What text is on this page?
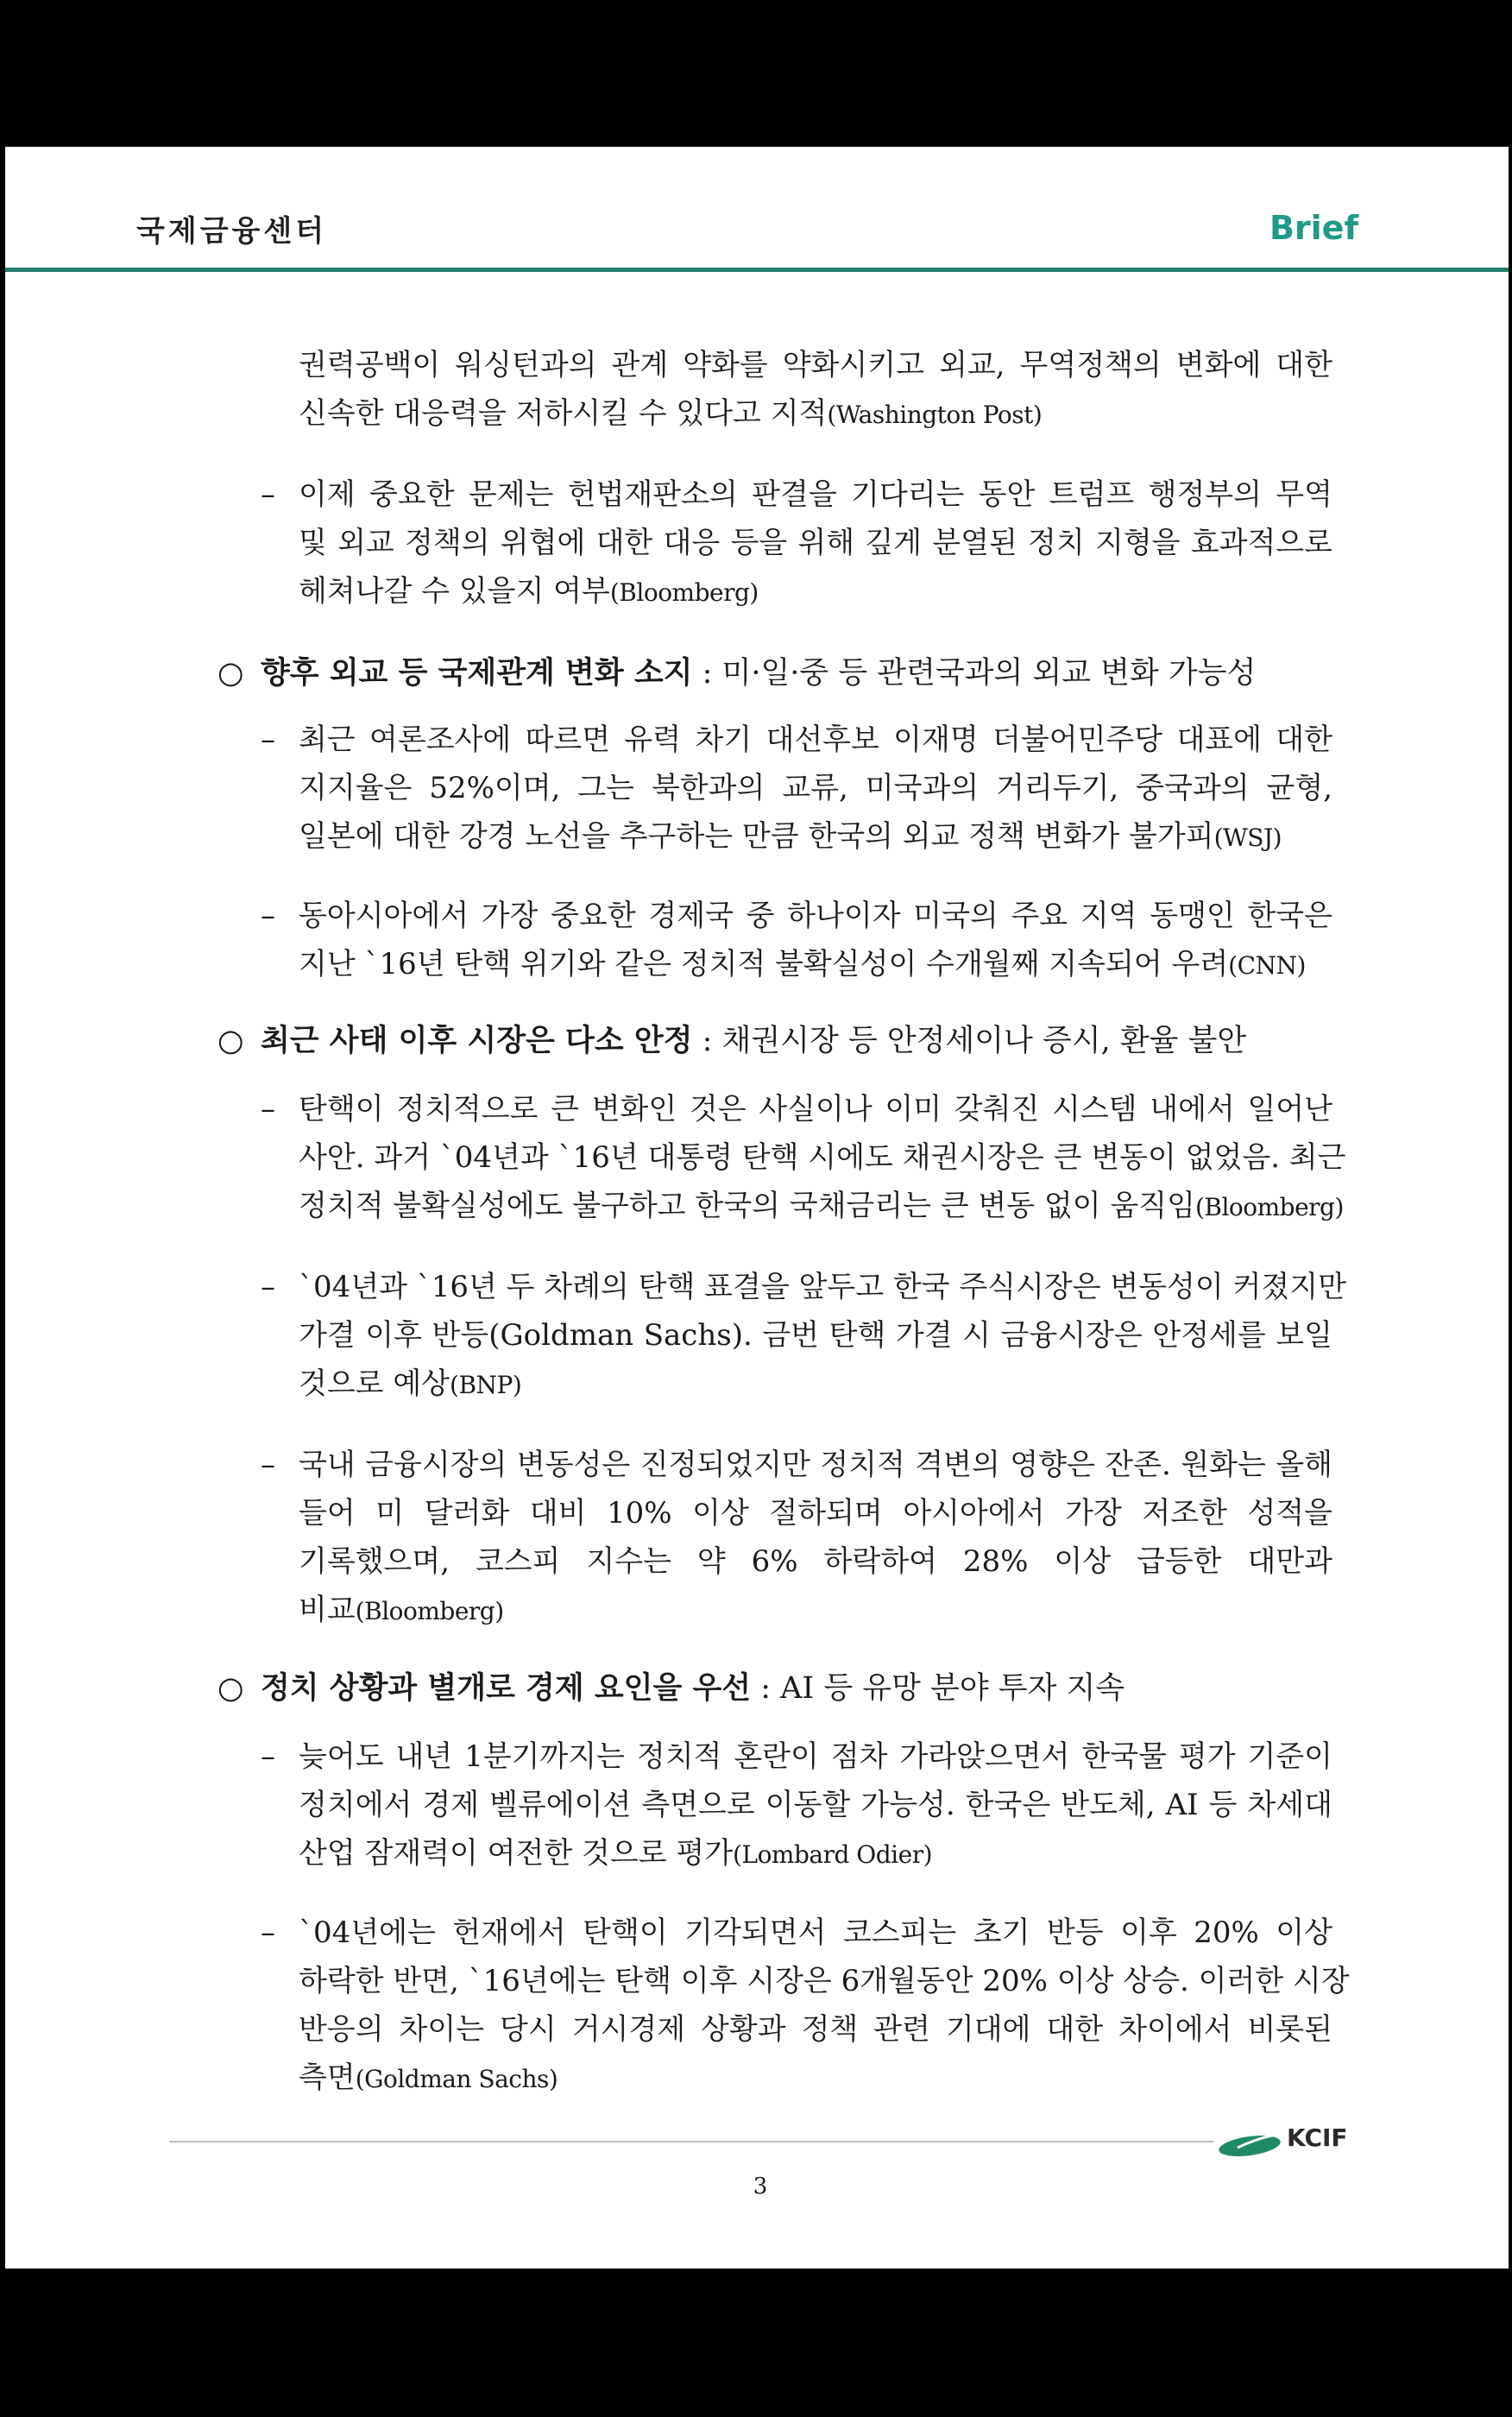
국제금융센터	Brief
권력공백이 워싱턴과의 관계 약화를 약화시키고 외교, 무역정책의 변화에 대한
신속한 대응력을 저하시킬 수 있다고 지적(Washington Post)
– 이제 중요한 문제는 헌법재판소의 판결을 기다리는 동안 트럼프 행정부의 무역
및 외교 정책의 위협에 대한 대응 등을 위해 깊게 분열된 정치 지형을 효과적으로
헤쳐나갈 수 있을지 여부(Bloomberg)
– 최근 여론조사에 따르면 유력 차기 대선후보 이재명 더불어민주당 대표에 대한
지지율은 52%이며, 그는 북한과의 교류, 미국과의 거리두기, 중국과의 균형,
일본에 대한 강경 노선을 추구하는 만큼 한국의 외교 정책 변화가 불가피(WSJ)
– 동아시아에서 가장 중요한 경제국 중 하나이자 미국의 주요 지역 동맹인 한국은
지난 `16년 탄핵 위기와 같은 정치적 불확실성이 수개월째 지속되어 우려(CNN)
– 탄핵이 정치적으로 큰 변화인 것은 사실이나 이미 갖춰진 시스템 내에서 일어난
사안. 과거 `04년과 `16년 대통령 탄핵 시에도 채권시장은 큰 변동이 없었음. 최근
정치적 불확실성에도 불구하고 한국의 국채금리는 큰 변동 없이 움직임(Bloomberg)
– `04년과 `16년 두 차례의 탄핵 표결을 앞두고 한국 주식시장은 변동성이 커졌지만
가결 이후 반등(Goldman Sachs). 금번 탄핵 가결 시 금융시장은 안정세를 보일
것으로 예상(BNP)
– 국내 금융시장의 변동성은 진정되었지만 정치적 격변의 영향은 잔존. 원화는 올해
들어 미 달러화 대비 10% 이상 절하되며 아시아에서 가장 저조한 성적을
기록했으며, 코스피 지수는 약 6% 하락하여 28% 이상 급등한 대만과
비교(Bloomberg)
– 늦어도 내년 1분기까지는 정치적 혼란이 점차 가라앉으면서 한국물 평가 기준이
정치에서 경제 벨류에이션 측면으로 이동할 가능성. 한국은 반도체, AI 등 차세대
산업 잠재력이 여전한 것으로 평가(Lombard Odier)
– `04년에는 헌재에서 탄핵이 기각되면서 코스피는 초기 반등 이후 20% 이상
하락한 반면, `16년에는 탄핵 이후 시장은 6개월동안 20% 이상 상승. 이러한 시장
반응의 차이는 당시 거시경제 상황과 정책 관련 기대에 대한 차이에서 비롯된
측면(Goldman Sachs)
○ 향후 외교 등 국제관계 변화 소지 : 미·일·중 등 관련국과의 외교 변화 가능성
○ 최근 사태 이후 시장은 다소 안정 : 채권시장 등 안정세이나 증시, 환율 불안
○ 정치 상황과 별개로 경제 요인을 우선 : AI 등 유망 분야 투자 지속
KCIF
3
